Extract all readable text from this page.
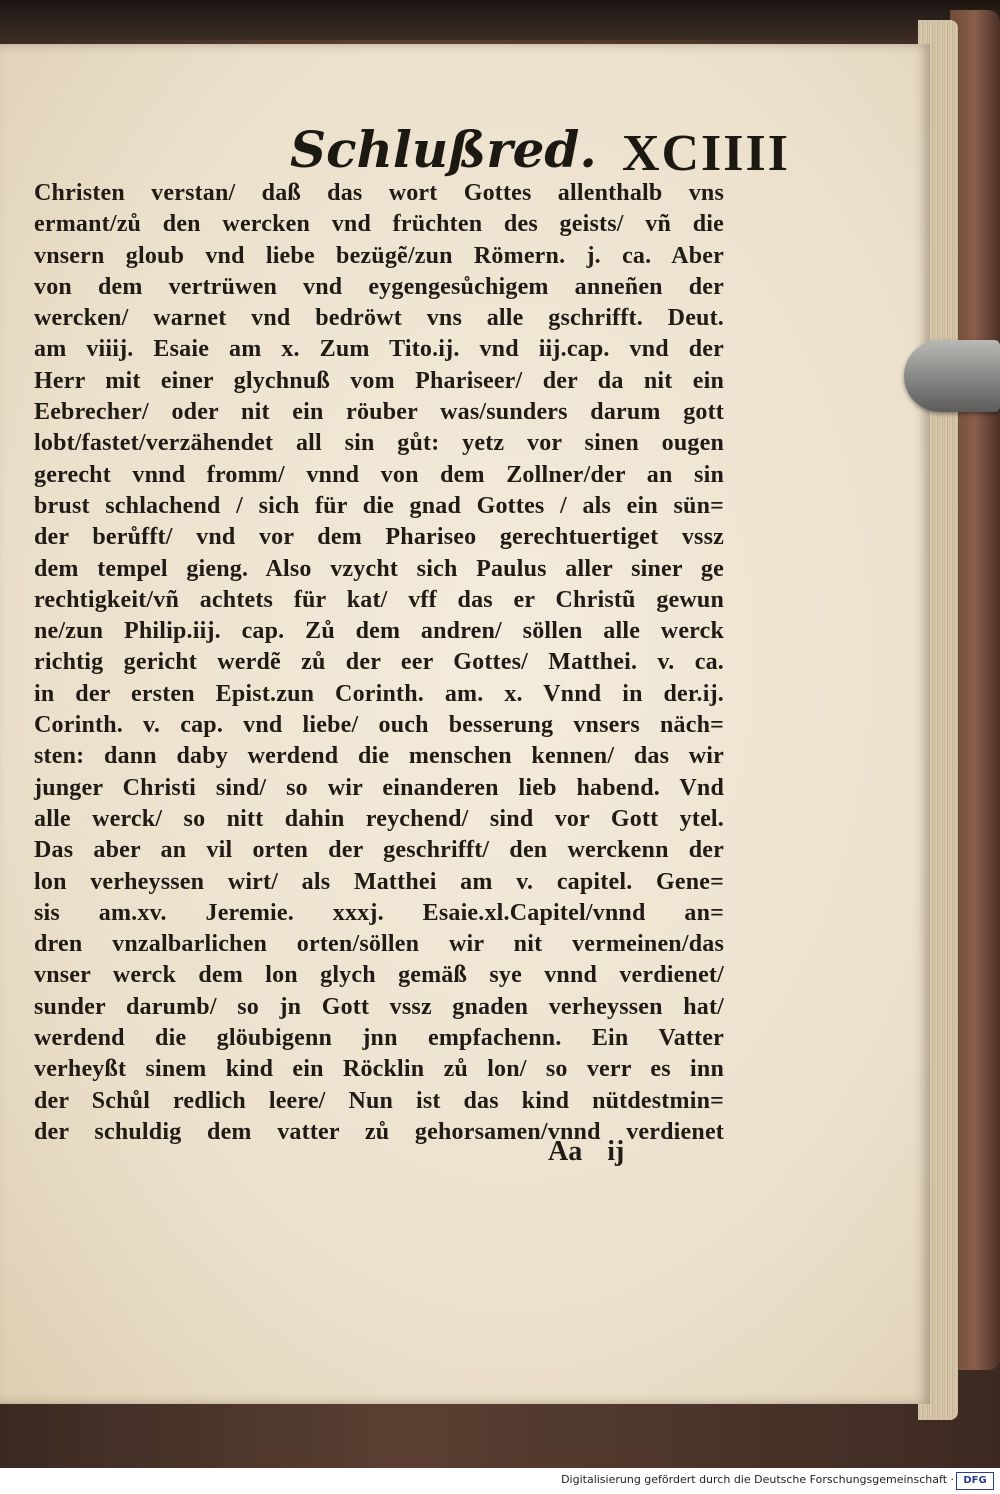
Schlußred. XCIIII
Christen verstan/ daß das wort Gottes allenthalb vns
ermant/zů den wercken vnd früchten des geists/ vñ die
vnsern gloub vnd liebe bezügẽ/zun Römern. j. ca. Aber
von dem vertrüwen vnd eygengesůchigem anneñen der
wercken/ warnet vnd bedröwt vns alle gschrifft. Deut.
am viiij. Esaie am x. Zum Tito.ij. vnd iij.cap. vnd der
Herr mit einer glychnuß vom Phariseer/ der da nit ein
Eebrecher/ oder nit ein röuber was/sunders darum gott
lobt/fastet/verzähendet all sin gůt: yetz vor sinen ougen
gerecht vnnd fromm/ vnnd von dem Zollner/der an sin
brust schlachend / sich für die gnad Gottes / als ein sün=
der berůfft/ vnd vor dem Phariseo gerechtuertiget vssz
dem tempel gieng. Also vzycht sich Paulus aller siner ge
rechtigkeit/vñ achtets für kat/ vff das er Christũ gewun
ne/zun Philip.iij. cap. Zů dem andren/ söllen alle werck
richtig gericht werdẽ zů der eer Gottes/ Matthei. v. ca.
in der ersten Epist.zun Corinth. am. x. Vnnd in der.ij.
Corinth. v. cap. vnd liebe/ ouch besserung vnsers näch=
sten: dann daby werdend die menschen kennen/ das wir
junger Christi sind/ so wir einanderen lieb habend. Vnd
alle werck/ so nitt dahin reychend/ sind vor Gott ytel.
Das aber an vil orten der geschrifft/ den werckenn der
lon verheyssen wirt/ als Matthei am v. capitel. Gene=
sis am.xv. Jeremie. xxxj. Esaie.xl.Capitel/vnnd an=
dren vnzalbarlichen orten/söllen wir nit vermeinen/das
vnser werck dem lon glych gemäß sye vnnd verdienet/
sunder darumb/ so jn Gott vssz gnaden verheyssen hat/
werdend die glöubigenn jnn empfachenn. Ein Vatter
verheyßt sinem kind ein Röcklin zů lon/ so verr es inn
der Schůl redlich leere/ Nun ist das kind nütdestmin=
der schuldig dem vatter zů gehorsamen/vnnd verdienet
Aa ij
Digitalisierung gefördert durch die Deutsche Forschungsgemeinschaft · DFG
